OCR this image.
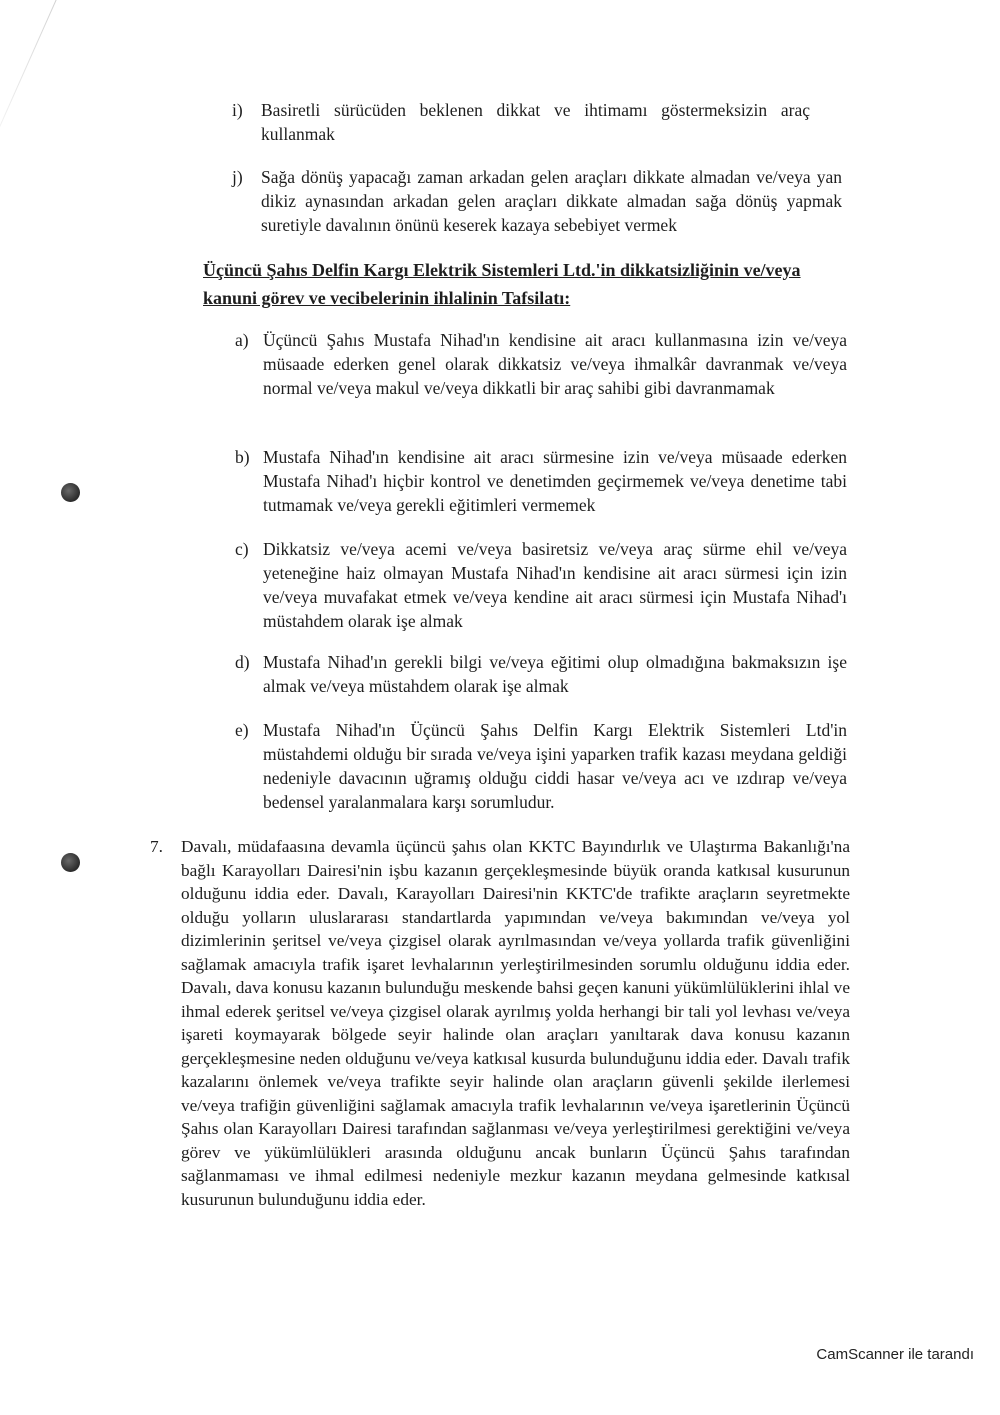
i) Basiretli sürücüden beklenen dikkat ve ihtimamı göstermeksizin araç kullanmak
j) Sağa dönüş yapacağı zaman arkadan gelen araçları dikkate almadan ve/veya yan dikiz aynasından arkadan gelen araçları dikkate almadan sağa dönüş yapmak suretiyle davalının önünü keserek kazaya sebebiyet vermek
Üçüncü Şahıs Delfin Kargı Elektrik Sistemleri Ltd.'in dikkatsizliğinin ve/veya kanuni görev ve vecibelerinin ihlalinin Tafsilatı:
a) Üçüncü Şahıs Mustafa Nihad'ın kendisine ait aracı kullanmasına izin ve/veya müsaade ederken genel olarak dikkatsiz ve/veya ihmalkâr davranmak ve/veya normal ve/veya makul ve/veya dikkatli bir araç sahibi gibi davranmamak
b) Mustafa Nihad'ın kendisine ait aracı sürmesine izin ve/veya müsaade ederken Mustafa Nihad'ı hiçbir kontrol ve denetimden geçirmemek ve/veya denetime tabi tutmamak ve/veya gerekli eğitimleri vermemek
c) Dikkatsiz ve/veya acemi ve/veya basiretsiz ve/veya araç sürme ehil ve/veya yeteneğine haiz olmayan Mustafa Nihad'ın kendisine ait aracı sürmesi için izin ve/veya muvafakat etmek ve/veya kendine ait aracı sürmesi için Mustafa Nihad'ı müstahdem olarak işe almak
d) Mustafa Nihad'ın gerekli bilgi ve/veya eğitimi olup olmadığına bakmaksızın işe almak ve/veya müstahdem olarak işe almak
e) Mustafa Nihad'ın Üçüncü Şahıs Delfin Kargı Elektrik Sistemleri Ltd'in müstahdemi olduğu bir sırada ve/veya işini yaparken trafik kazası meydana geldiği nedeniyle davacının uğramış olduğu ciddi hasar ve/veya acı ve ızdırap ve/veya bedensel yaralanmalara karşı sorumludur.
7. Davalı, müdafaasına devamla üçüncü şahıs olan KKTC Bayındırlık ve Ulaştırma Bakanlığı'na bağlı Karayolları Dairesi'nin işbu kazanın gerçekleşmesinde büyük oranda katkısal kusurunun olduğunu iddia eder. Davalı, Karayolları Dairesi'nin KKTC'de trafikte araçların seyretmekte olduğu yolların uluslararası standartlarda yapımından ve/veya bakımından ve/veya yol dizimlerinin şeritsel ve/veya çizgisel olarak ayrılmasından ve/veya yollarda trafik güvenliğini sağlamak amacıyla trafik işaret levhalarının yerleştirilmesinden sorumlu olduğunu iddia eder. Davalı, dava konusu kazanın bulunduğu meskende bahsi geçen kanuni yükümlülüklerini ihlal ve ihmal ederek şeritsel ve/veya çizgisel olarak ayrılmış yolda herhangi bir tali yol levhası ve/veya işareti koymayarak bölgede seyir halinde olan araçları yanıltarak dava konusu kazanın gerçekleşmesine neden olduğunu ve/veya katkısal kusurda bulunduğunu iddia eder. Davalı trafik kazalarını önlemek ve/veya trafikte seyir halinde olan araçların güvenli şekilde ilerlemesi ve/veya trafiğin güvenliğini sağlamak amacıyla trafik levhalarının ve/veya işaretlerinin Üçüncü Şahıs olan Karayolları Dairesi tarafından sağlanması ve/veya yerleştirilmesi gerektiğini ve/veya görev ve yükümlülükleri arasında olduğunu ancak bunların Üçüncü Şahıs tarafından sağlanmaması ve ihmal edilmesi nedeniyle mezkur kazanın meydana gelmesinde katkısal kusurunun bulunduğunu iddia eder.
CamScanner ile tarandı
